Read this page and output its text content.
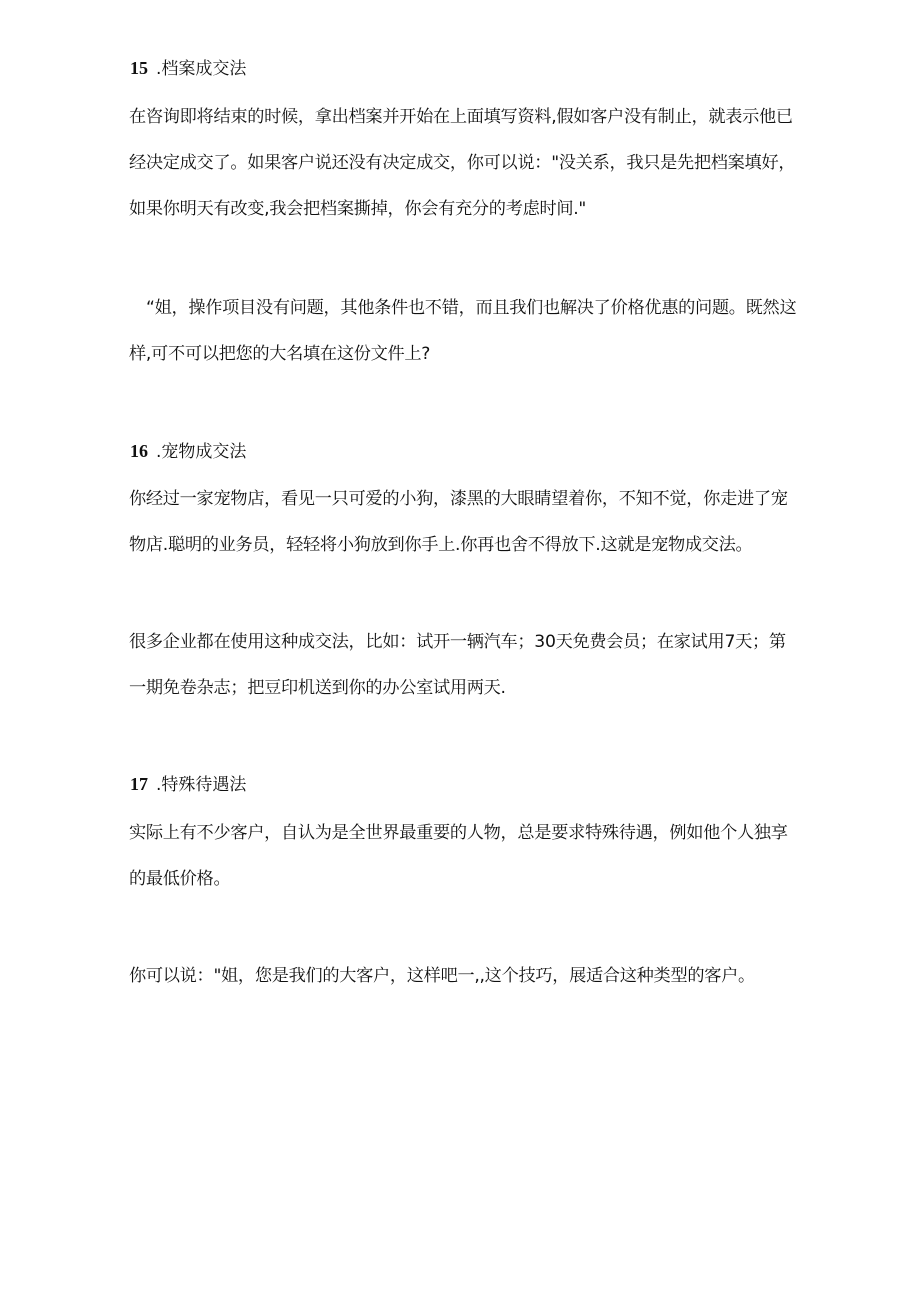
15 .档案成交法

在咨询即将结束的时候，拿出档案并开始在上面填写资料,假如客户没有制止，就表示他已经决定成交了。如果客户说还没有决定成交，你可以说："没关系，我只是先把档案填好，如果你明天有改变,我会把档案撕掉，你会有充分的考虑时间."

“姐，操作项目没有问题，其他条件也不错，而且我们也解决了价格优惠的问题。既然这样,可不可以把您的大名填在这份文件上?

16 .宠物成交法

你经过一家宠物店，看见一只可爱的小狗，漆黑的大眼睛望着你，不知不觉，你走进了宠物店.聪明的业务员，轻轻将小狗放到你手上.你再也舍不得放下.这就是宠物成交法。

很多企业都在使用这种成交法，比如：试开一辆汽车；30天免费会员；在家试用7天；第一期免卷杂志；把豆印机送到你的办公室试用两天.

17 .特殊待遇法

实际上有不少客户，自认为是全世界最重要的人物，总是要求特殊待遇，例如他个人独享的最低价格。

你可以说："姐，您是我们的大客户，这样吧一,,这个技巧，展适合这种类型的客户。
